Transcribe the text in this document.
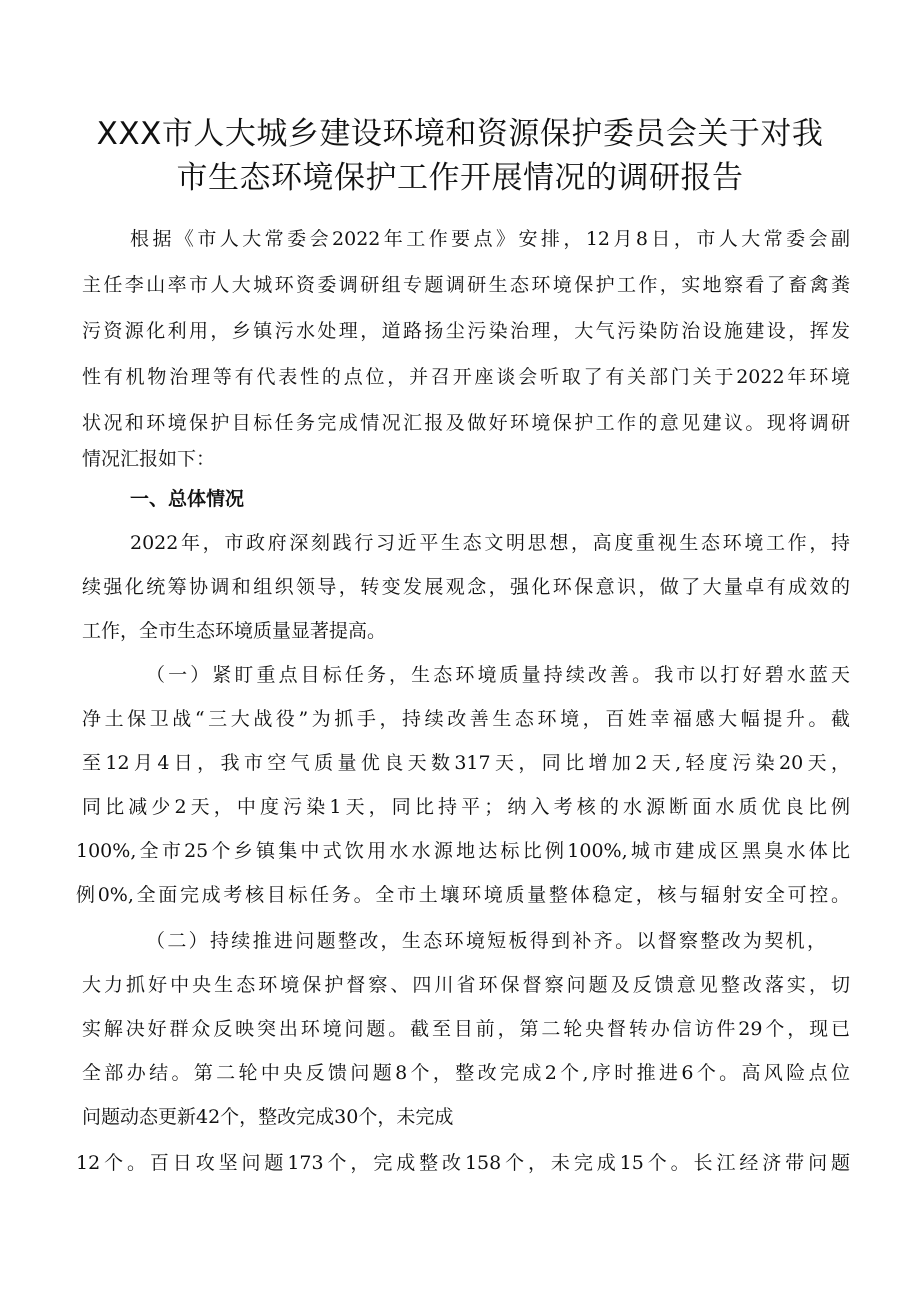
XXX市人大城乡建设环境和资源保护委员会关于对我
市生态环境保护工作开展情况的调研报告
根据《市人大常委会2022年工作要点》安排，12月8日，市人大常委会副
主任李山率市人大城环资委调研组专题调研生态环境保护工作，实地察看了畜禽粪
污资源化利用，乡镇污水处理，道路扬尘污染治理，大气污染防治设施建设，挥发
性有机物治理等有代表性的点位，并召开座谈会听取了有关部门关于2022年环境
状况和环境保护目标任务完成情况汇报及做好环境保护工作的意见建议。现将调研
情况汇报如下：
一、总体情况
2022年，市政府深刻践行习近平生态文明思想，高度重视生态环境工作，持
续强化统筹协调和组织领导，转变发展观念，强化环保意识，做了大量卓有成效的
工作，全市生态环境质量显著提高。
（一）紧盯重点目标任务，生态环境质量持续改善。我市以打好碧水蓝天
净土保卫战“三大战役”为抓手，持续改善生态环境，百姓幸福感大幅提升。截
至12月4日，我市空气质量优良天数317天，同比增加2天,轻度污染20天，
同比减少2天，中度污染1天，同比持平；纳入考核的水源断面水质优良比例
100%,全市25个乡镇集中式饮用水水源地达标比例100%,城市建成区黑臭水体比
例0%,全面完成考核目标任务。全市土壤环境质量整体稳定，核与辐射安全可控。
（二）持续推进问题整改，生态环境短板得到补齐。以督察整改为契机，
大力抓好中央生态环境保护督察、四川省环保督察问题及反馈意见整改落实，切
实解决好群众反映突出环境问题。截至目前，第二轮央督转办信访件29个，现已
全部办结。第二轮中央反馈问题8个，整改完成2个,序时推进6个。高风险点位
问题动态更新42个，整改完成30个，未完成
12个。百日攻坚问题173个，完成整改158个，未完成15个。长江经济带问题
